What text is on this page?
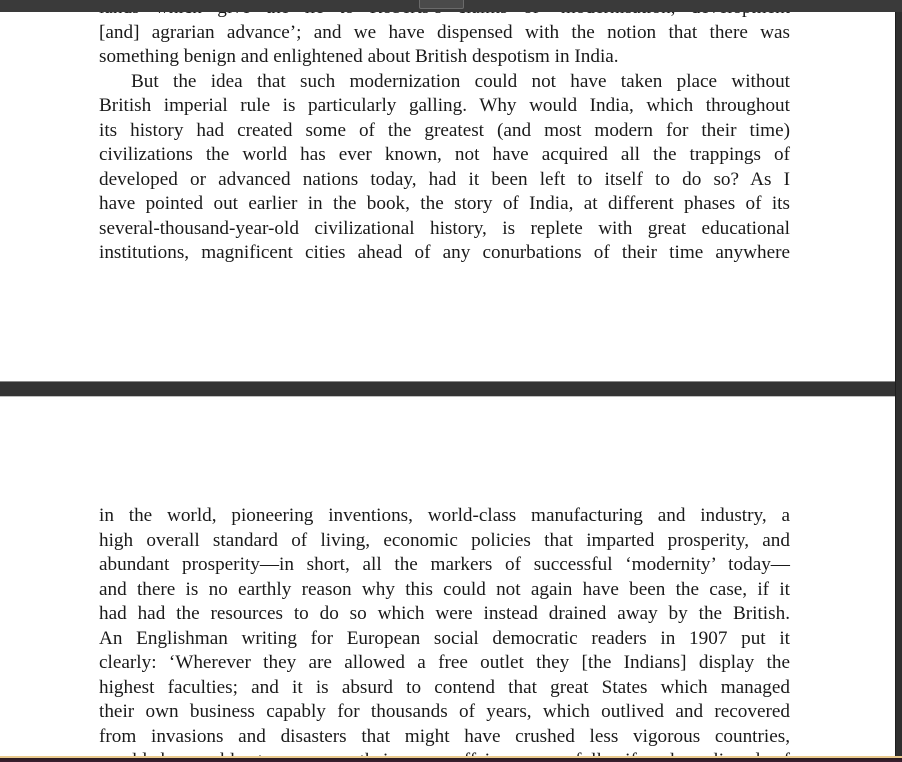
[and] agrarian advance’; and we have dispensed with the notion that there was
something benign and enlightened about British despotism in India.
But the idea that such modernization could not have taken place without
British imperial rule is particularly galling. Why would India, which throughout
its history had created some of the greatest (and most modern for their time)
civilizations the world has ever known, not have acquired all the trappings of
developed or advanced nations today, had it been left to itself to do so? As I
have pointed out earlier in the book, the story of India, at different phases of its
several-thousand-year-old civilizational history, is replete with great educational
institutions, magnificent cities ahead of any conurbations of their time anywhere
in the world, pioneering inventions, world-class manufacturing and industry, a
high overall standard of living, economic policies that imparted prosperity, and
abundant prosperity—in short, all the markers of successful ‘modernity’ today—
and there is no earthly reason why this could not again have been the case, if it
had had the resources to do so which were instead drained away by the British.
An Englishman writing for European social democratic readers in 1907 put it
clearly: ‘Wherever they are allowed a free outlet they [the Indians] display the
highest faculties; and it is absurd to contend that great States which managed
their own business capably for thousands of years, which outlived and recovered
from invasions and disasters that might have crushed less vigorous countries,
